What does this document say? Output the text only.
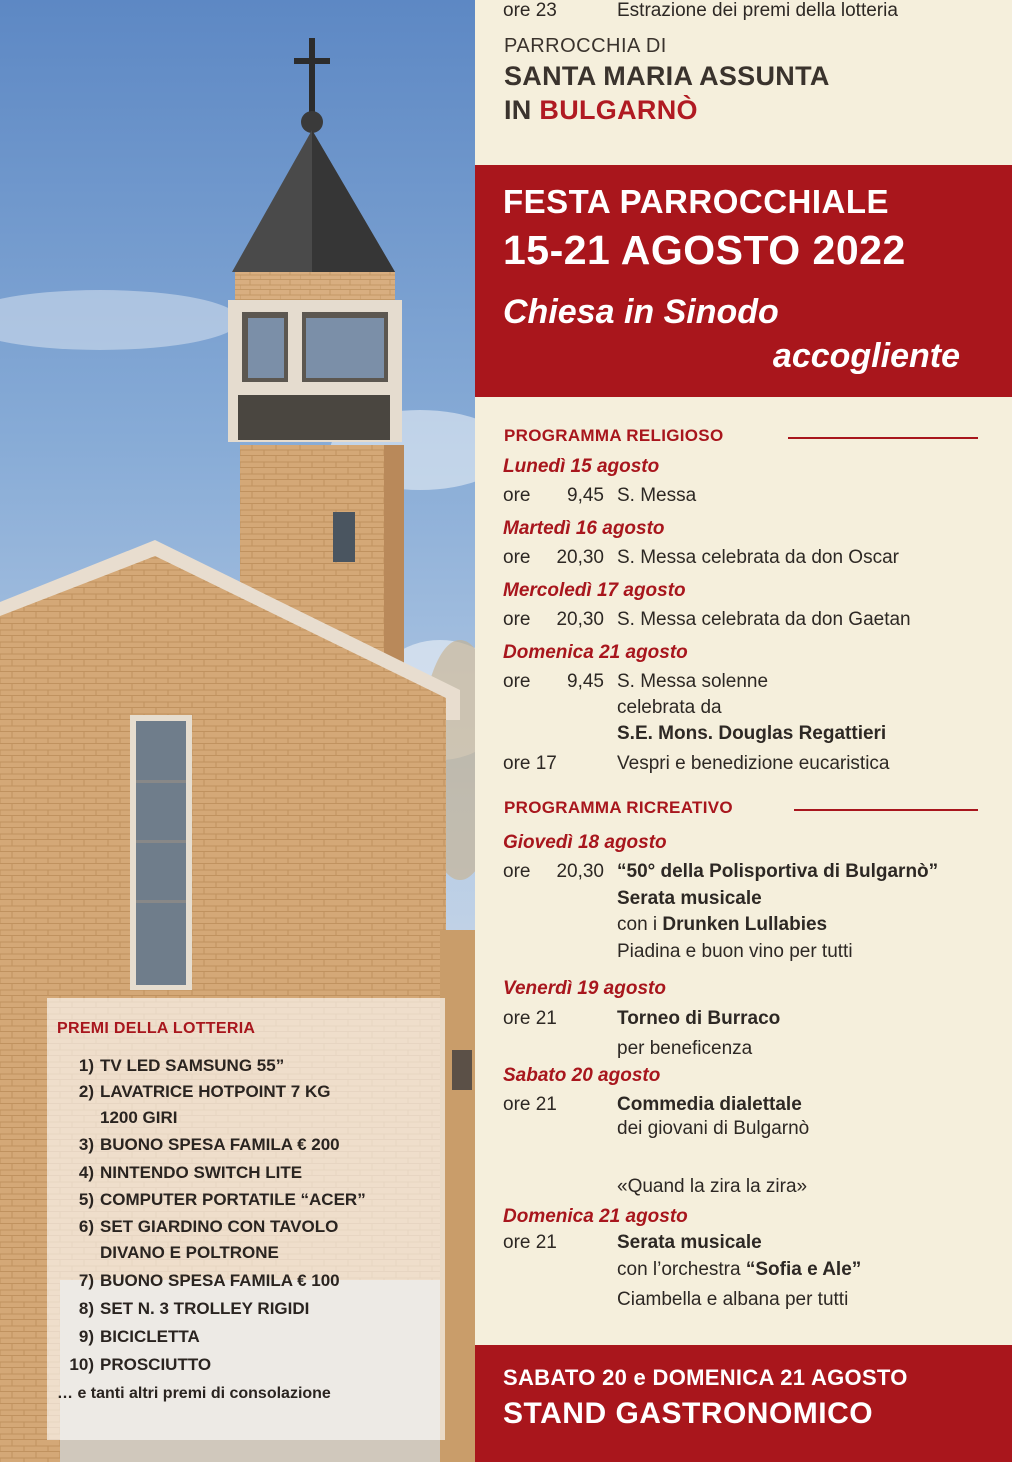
PREMI DELLA LOTTERIA
1) TV LED SAMSUNG 55”
2) LAVATRICE HOTPOINT 7 KG
1200 GIRI
3) BUONO SPESA FAMILA € 200
4) NINTENDO SWITCH LITE
5) COMPUTER PORTATILE “ACER”
6) SET GIARDINO CON TAVOLO
DIVANO E POLTRONE
7) BUONO SPESA FAMILA € 100
8) SET N. 3 TROLLEY RIGIDI
9) BICICLETTA
10) PROSCIUTTO
… e tanti altri premi di consolazione
PARROCCHIA DI
SANTA MARIA ASSUNTA
IN BULGARNÒ
FESTA PARROCCHIALE
15-21 AGOSTO 2022
Chiesa in Sinodo
accogliente
PROGRAMMA RELIGIOSO
Lunedì 15 agosto
ore	9,45 S. Messa
Martedì 16 agosto
ore	20,30 S. Messa celebrata da don Oscar
Mercoledì 17 agosto
ore	20,30 S. Messa celebrata da don Gaetan
Domenica 21 agosto
ore	9,45 S. Messa solenne
celebrata da
S.E. Mons. Douglas Regattieri
ore 17	Vespri e benedizione eucaristica
PROGRAMMA RICREATIVO
Giovedì 18 agosto
ore	20,30 “50° della Polisportiva di Bulgarnò”
Serata musicale
con i Drunken Lullabies
Piadina e buon vino per tutti
Venerdì 19 agosto
ore 21	Torneo di Burraco
per beneficenza
Sabato 20 agosto
ore 21	Commedia dialettale
dei giovani di Bulgarnò
«Quand la zira la zira»
Domenica 21 agosto
ore 21	Serata musicale
con l’orchestra “Sofia e Ale”
Ciambella e albana per tutti
ore 23	Estrazione dei premi della lotteria
SABATO 20 e DOMENICA 21 AGOSTO
STAND GASTRONOMICO
